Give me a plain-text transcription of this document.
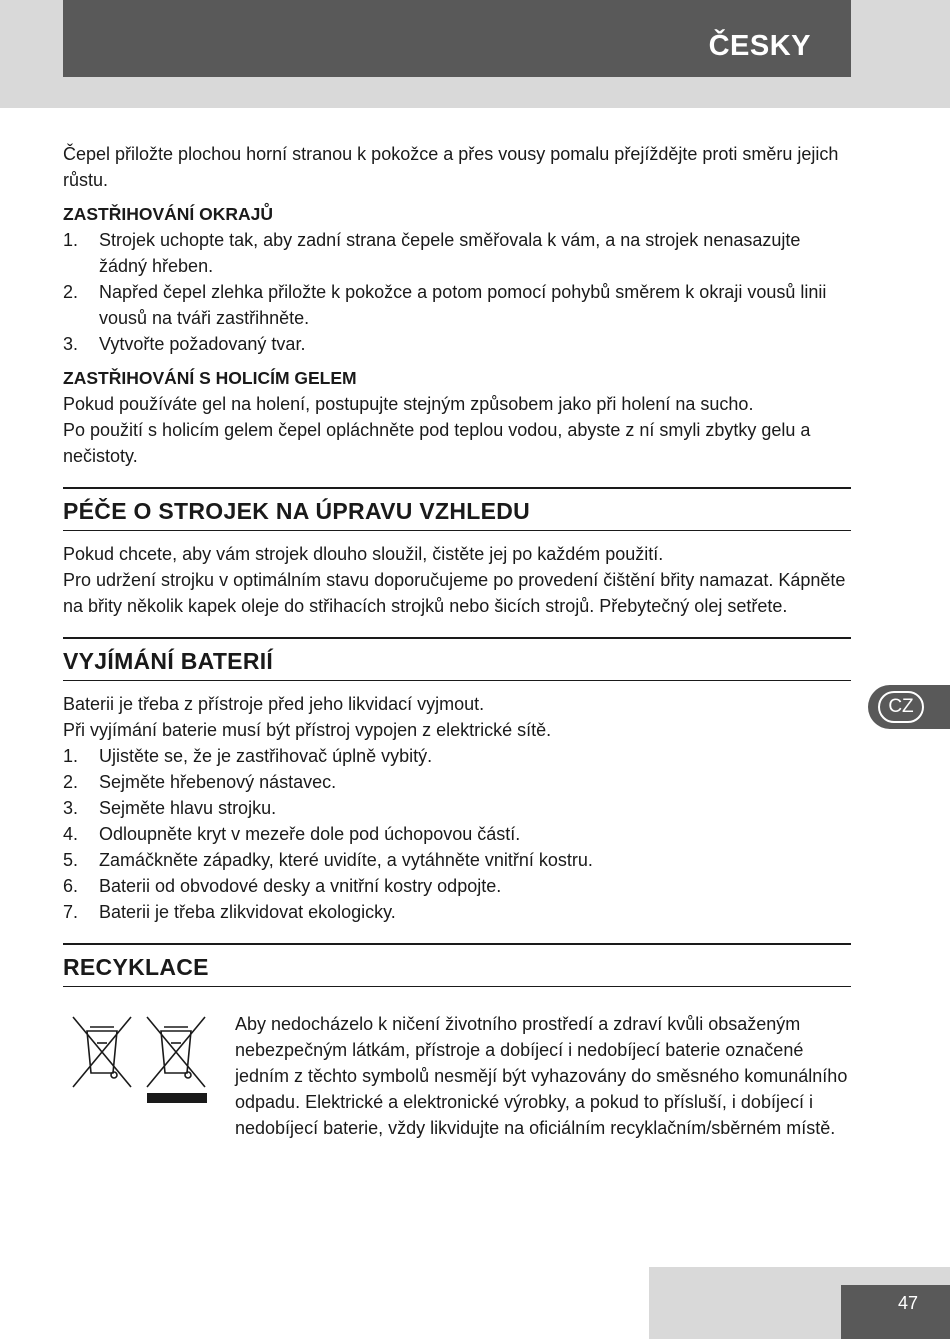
ČESKY

Čepel přiložte plochou horní stranou k pokožce a přes vousy pomalu přejíždějte proti směru jejich růstu.

ZASTŘIHOVÁNÍ OKRAJŮ
1. Strojek uchopte tak, aby zadní strana čepele směřovala k vám, a na strojek nenasazujte žádný hřeben.
2. Napřed čepel zlehka přiložte k pokožce a potom pomocí pohybů směrem k okraji vousů linii vousů na tváři zastřihněte.
3. Vytvořte požadovaný tvar.
ZASTŘIHOVÁNÍ S HOLICÍM GELEM

Pokud používáte gel na holení, postupujte stejným způsobem jako při holení na sucho.

Po použití s holicím gelem čepel opláchněte pod teplou vodou, abyste z ní smyli zbytky gelu a nečistoty.

PÉČE O STROJEK NA ÚPRAVU VZHLEDU

Pokud chcete, aby vám strojek dlouho sloužil, čistěte jej po každém použití.

Pro udržení strojku v optimálním stavu doporučujeme po provedení čištění břity namazat. Kápněte na břity několik kapek oleje do střihacích strojků nebo šicích strojů. Přebytečný olej setřete.

VYJÍMÁNÍ BATERIÍ

Baterii je třeba z přístroje před jeho likvidací vyjmout.

Při vyjímání baterie musí být přístroj vypojen z elektrické sítě.

1. Ujistěte se, že je zastřihovač úplně vybitý.
2. Sejměte hřebenový nástavec.
3. Sejměte hlavu strojku.
4. Odloupněte kryt v mezeře dole pod úchopovou částí.
5. Zamáčkněte západky, které uvidíte, a vytáhněte vnitřní kostru.
6. Baterii od obvodové desky a vnitřní kostry odpojte.
7. Baterii je třeba zlikvidovat ekologicky.
RECYKLACE

Aby nedocházelo k ničení životního prostředí a zdraví kvůli obsaženým nebezpečným látkám, přístroje a dobíjecí i nedobíjecí baterie označené jedním z těchto symbolů nesmějí být vyhazovány do směsného komunálního odpadu. Elektrické a elektronické výrobky, a pokud to přísluší, i dobíjecí i nedobíjecí baterie, vždy likvidujte na oficiálním recyklačním/sběrném místě.

CZ
47
